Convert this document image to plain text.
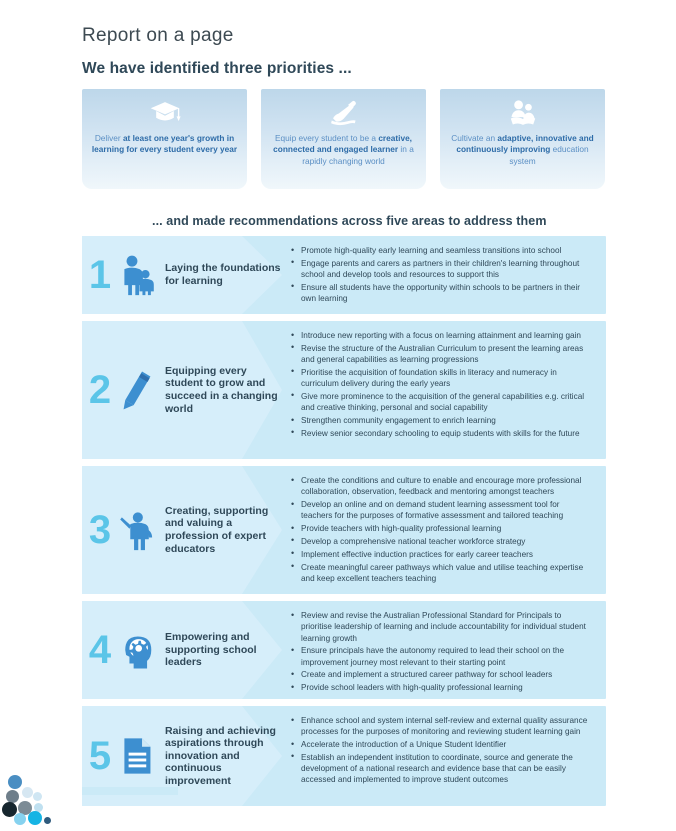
Report on a page
We have identified three priorities ...
Deliver at least one year's growth in learning for every student every year
Equip every student to be a creative, connected and engaged learner in a rapidly changing world
Cultivate an adaptive, innovative and continuously improving education system
... and made recommendations across five areas to address them
1	Laying the foundations for learning
• Promote high-quality early learning and seamless transitions into school
• Engage parents and carers as partners in their children's learning throughout school and develop tools and resources to support this
• Ensure all students have the opportunity within schools to be partners in their own learning
2	Equipping every student to grow and succeed in a changing world
• Introduce new reporting with a focus on learning attainment and learning gain
• Revise the structure of the Australian Curriculum to present the learning areas and general capabilities as learning progressions
• Prioritise the acquisition of foundation skills in literacy and numeracy in curriculum delivery during the early years
• Give more prominence to the acquisition of the general capabilities e.g. critical and creative thinking, personal and social capability
• Strengthen community engagement to enrich learning
• Review senior secondary schooling to equip students with skills for the future
3	Creating, supporting and valuing a profession of expert educators
• Create the conditions and culture to enable and encourage more professional collaboration, observation, feedback and mentoring amongst teachers
• Develop an online and on demand student learning assessment tool for teachers for the purposes of formative assessment and tailored teaching
• Provide teachers with high-quality professional learning
• Develop a comprehensive national teacher workforce strategy
• Implement effective induction practices for early career teachers
• Create meaningful career pathways which value and utilise teaching expertise and keep excellent teachers teaching
4	Empowering and supporting school leaders
• Review and revise the Australian Professional Standard for Principals to prioritise leadership of learning and include accountability for individual student learning growth
• Ensure principals have the autonomy required to lead their school on the improvement journey most relevant to their starting point
• Create and implement a structured career pathway for school leaders
• Provide school leaders with high-quality professional learning
5
Raising and achieving aspirations through innovation and continuous improvement
• Enhance school and system internal self-review and external quality assurance processes for the purposes of monitoring and reviewing student learning gain
• Accelerate the introduction of a Unique Student Identifier
• Establish an independent institution to coordinate, source and generate the development of a national research and evidence base that can be easily accessed and implemented to improve student outcomes
